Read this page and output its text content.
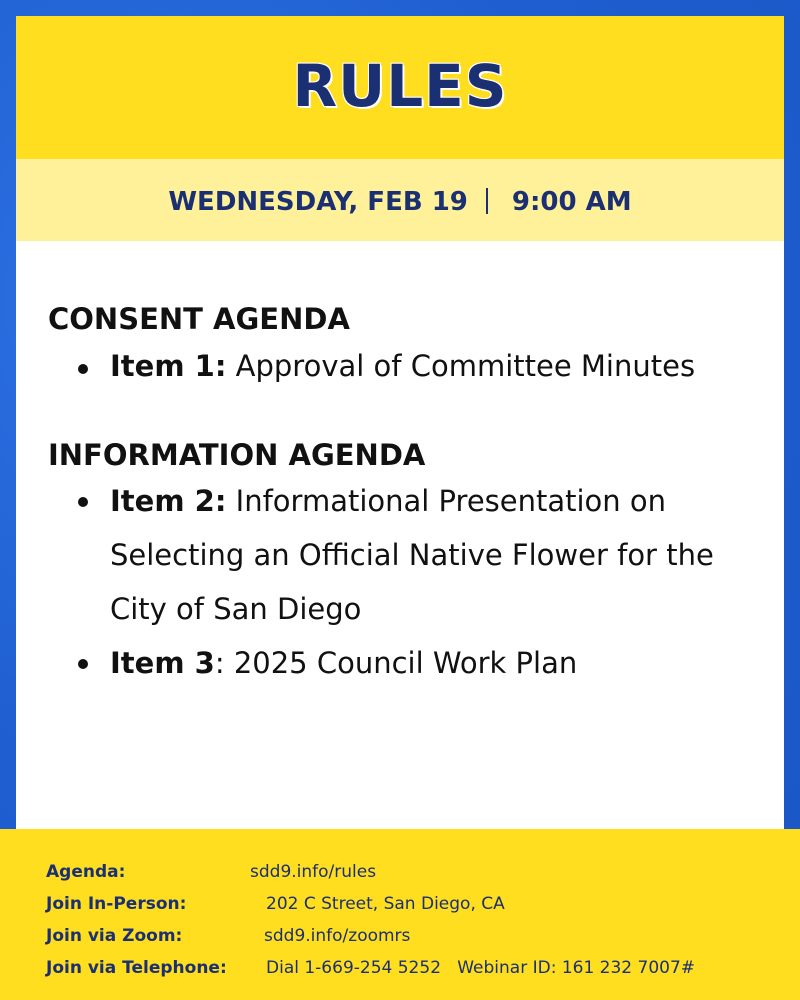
RULES
WEDNESDAY, FEB 19 9:00 AM
CONSENT AGENDA
Item 1: Approval of Committee Minutes
INFORMATION AGENDA
Item 2: Informational Presentation on Selecting an Official Native Flower for the City of San Diego
Item 3: 2025 Council Work Plan
Agenda:	sdd9.info/rules
Join In-Person:	202 C Street, San Diego, CA
Join via Zoom:	sdd9.info/zoomrs
Join via Telephone: Dial 1-669-254 5252   Webinar ID: 161 232 7007#
